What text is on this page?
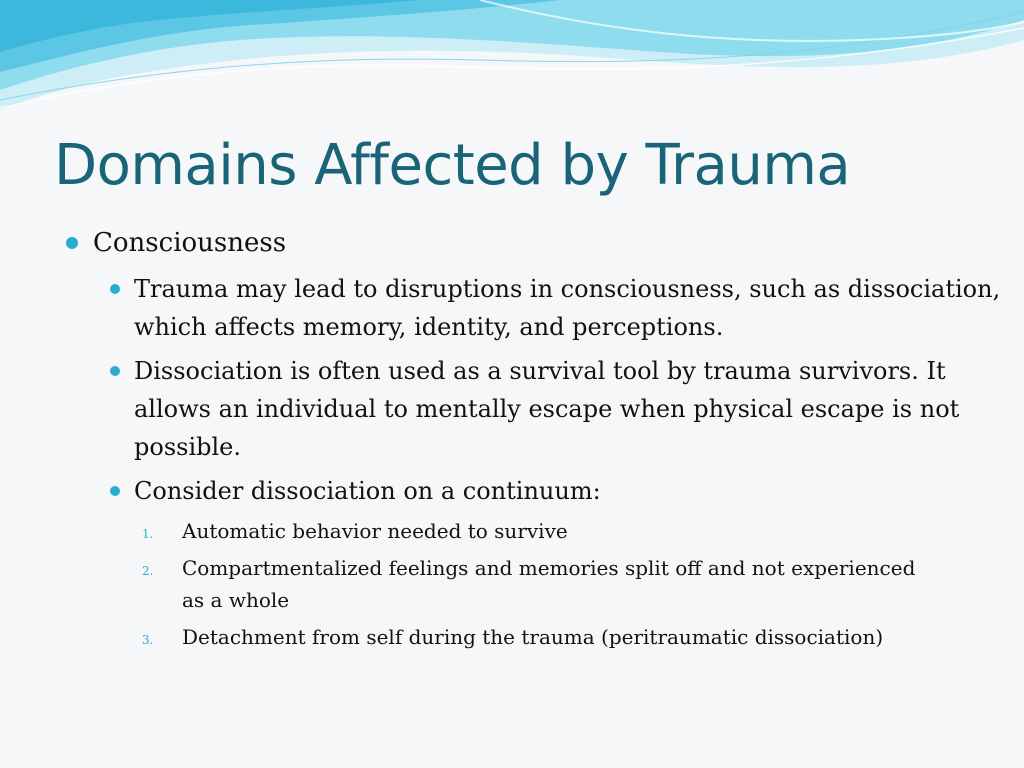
Domains Affected by Trauma
Consciousness
Trauma may lead to disruptions in consciousness, such as dissociation, which affects memory, identity, and perceptions.
Dissociation is often used as a survival tool by trauma survivors. It allows an individual to mentally escape when physical escape is not possible.
Consider dissociation on a continuum:
1. Automatic behavior needed to survive
2. Compartmentalized feelings and memories split off and not experienced as a whole
3. Detachment from self during the trauma (peritraumatic dissociation)
